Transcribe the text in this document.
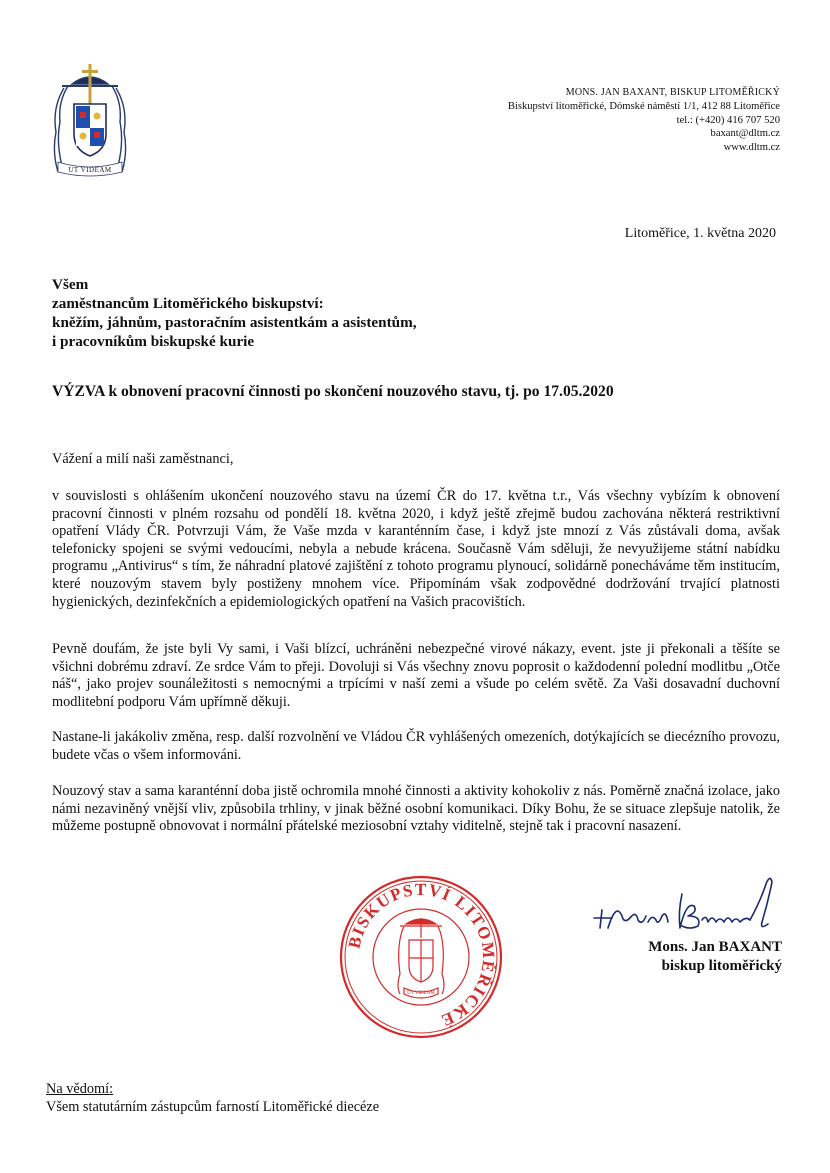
UT VIDEAM
MONS. JAN BAXANT, BISKUP LITOMĚŘICKÝ
Biskupství litoměřické, Dómské náměstí 1/1, 412 88 Litoměřice
tel.: (+420) 416 707 520
baxant@dltm.cz
www.dltm.cz
Litoměřice, 1. května 2020
Všem
zaměstnancům Litoměřického biskupství:
kněžím, jáhnům, pastoračním asistentkám a asistentům,
i pracovníkům biskupské kurie
VÝZVA k obnovení pracovní činnosti po skončení nouzového stavu, tj. po 17.05.2020
Vážení a milí naši zaměstnanci,

v souvislosti s ohlášením ukončení nouzového stavu na území ČR do 17. května t.r., Vás všechny vybízím k obnovení pracovní činnosti v plném rozsahu od pondělí 18. května 2020, i když ještě zřejmě budou zachována některá restriktivní opatření Vlády ČR. Potvrzuji Vám, že Vaše mzda v karanténním čase, i když jste mnozí z Vás zůstávali doma, avšak telefonicky spojeni se svými vedoucími, nebyla a nebude krácena. Současně Vám sděluji, že nevyužijeme státní nabídku programu „Antivirus“ s tím, že náhradní platové zajištění z tohoto programu plynoucí, solidárně ponecháváme těm institucím, které nouzovým stavem byly postiženy mnohem více. Připomínám však zodpovědné dodržování trvající platnosti hygienických, dezinfekčních a epidemiologických opatření na Vašich pracovištích.

Pevně doufám, že jste byli Vy sami, i Vaši blízcí, uchráněni nebezpečné virové nákazy, event. jste ji překonali a těšíte se všichni dobrému zdraví. Ze srdce Vám to přeji. Dovoluji si Vás všechny znovu poprosit o každodenní polední modlitbu „Otče náš“, jako projev sounáležitosti s nemocnými a trpícími v naší zemi a všude po celém světě. Za Vaši dosavadní duchovní modlitební podporu Vám upřímně děkuji.

Nastane-li jakákoliv změna, resp. další rozvolnění ve Vládou ČR vyhlášených omezeních, dotýkajících se diecézního provozu, budete včas o všem informováni.

Nouzový stav a sama karanténní doba jistě ochromila mnohé činnosti a aktivity kohokoliv z nás. Poměrně značná izolace, jako námi nezaviněný vnější vliv, způsobila trhliny, v jinak běžné osobní komunikaci. Díky Bohu, že se situace zlepšuje natolik, že můžeme postupně obnovovat i normální přátelské meziosobní vztahy viditelně, stejně tak i pracovní nasazení.

BISKUPSTVÍ LITOMĚŘICKÉ
UT VIDEAM
Mons. Jan BAXANT
biskup litoměřický
Na vědomí:
Všem statutárním zástupcům farností Litoměřické diecéze
